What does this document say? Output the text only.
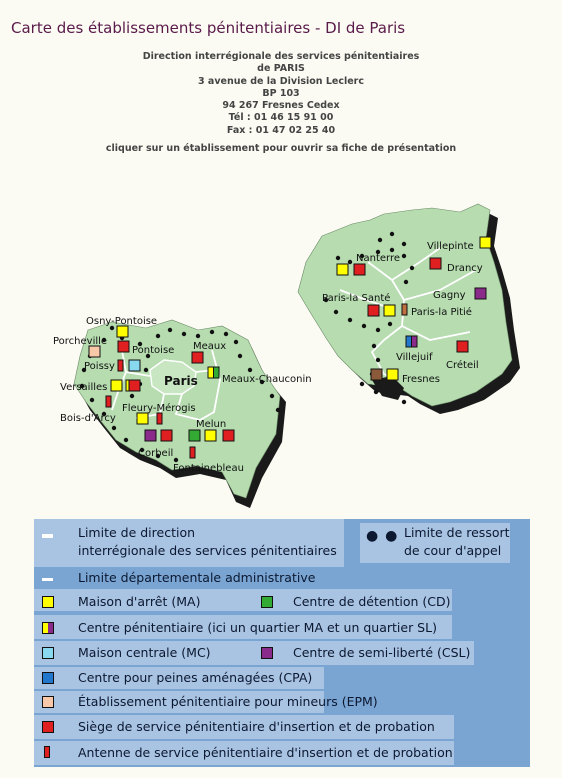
Carte des établissements pénitentiaires - DI de Paris
Direction interrégionale des services pénitentiaires
de PARIS
3 avenue de la Division Leclerc
BP 103
94 267 Fresnes Cedex
Tél : 01 46 15 91 00
Fax : 01 47 02 25 40
cliquer sur un établissement pour ouvrir sa fiche de présentation
Osny-Pontoise
Porcheville
Pontoise
Poissy
Meaux
Paris Meaux-Chauconin
Versailles
Bois-d'Arcy
Fleury-Mérogis
Melun
Corbeil
Fontainebleau
Villepinte
Nanterre
Drancy
Gagny
Paris-la Santé
Paris-la Pitié
Villejuif
Créteil
Fresnes
Limite de direction
interrégionale des services pénitentiaires
● ● Limite de ressort
de cour d'appel
Limite départementale administrative
Maison d'arrêt (MA)	Centre de détention (CD)
Centre pénitentiaire (ici un quartier MA et un quartier SL)
Maison centrale (MC)	Centre de semi-liberté (CSL)
Centre pour peines aménagées (CPA)
Établissement pénitentiaire pour mineurs (EPM)
Siège de service pénitentiaire d'insertion et de probation
Antenne de service pénitentiaire d'insertion et de probation
